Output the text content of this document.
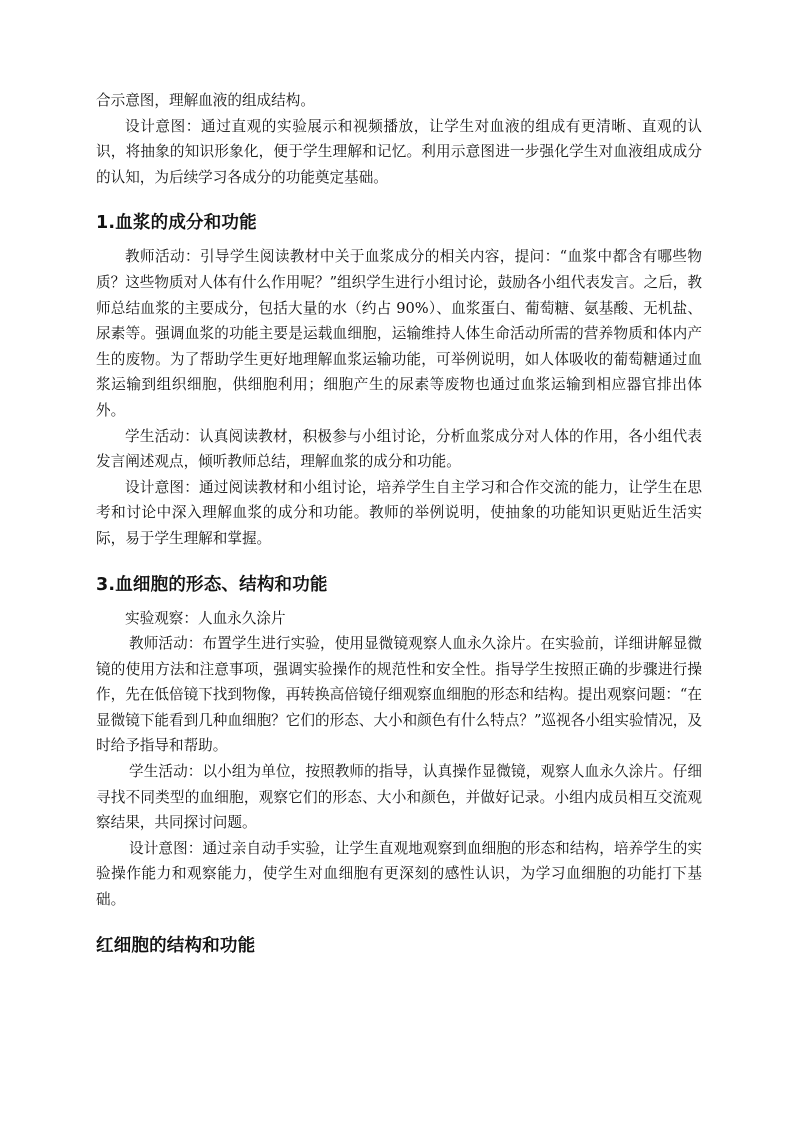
合示意图，理解血液的组成结构。

设计意图：通过直观的实验展示和视频播放，让学生对血液的组成有更清晰、直观的认识，将抽象的知识形象化，便于学生理解和记忆。利用示意图进一步强化学生对血液组成成分的认知，为后续学习各成分的功能奠定基础。

1.血浆的成分和功能

教师活动：引导学生阅读教材中关于血浆成分的相关内容，提问：“血浆中都含有哪些物质？这些物质对人体有什么作用呢？”组织学生进行小组讨论，鼓励各小组代表发言。之后，教师总结血浆的主要成分，包括大量的水（约占 90%）、血浆蛋白、葡萄糖、氨基酸、无机盐、尿素等。强调血浆的功能主要是运载血细胞，运输维持人体生命活动所需的营养物质和体内产生的废物。为了帮助学生更好地理解血浆运输功能，可举例说明，如人体吸收的葡萄糖通过血浆运输到组织细胞，供细胞利用；细胞产生的尿素等废物也通过血浆运输到相应器官排出体外。

学生活动：认真阅读教材，积极参与小组讨论，分析血浆成分对人体的作用，各小组代表发言阐述观点，倾听教师总结，理解血浆的成分和功能。

设计意图：通过阅读教材和小组讨论，培养学生自主学习和合作交流的能力，让学生在思考和讨论中深入理解血浆的成分和功能。教师的举例说明，使抽象的功能知识更贴近生活实际，易于学生理解和掌握。

3.血细胞的形态、结构和功能

实验观察：人血永久涂片

教师活动：布置学生进行实验，使用显微镜观察人血永久涂片。在实验前，详细讲解显微镜的使用方法和注意事项，强调实验操作的规范性和安全性。指导学生按照正确的步骤进行操作，先在低倍镜下找到物像，再转换高倍镜仔细观察血细胞的形态和结构。提出观察问题：“在显微镜下能看到几种血细胞？它们的形态、大小和颜色有什么特点？”巡视各小组实验情况，及时给予指导和帮助。

学生活动：以小组为单位，按照教师的指导，认真操作显微镜，观察人血永久涂片。仔细寻找不同类型的血细胞，观察它们的形态、大小和颜色，并做好记录。小组内成员相互交流观察结果，共同探讨问题。

设计意图：通过亲自动手实验，让学生直观地观察到血细胞的形态和结构，培养学生的实验操作能力和观察能力，使学生对血细胞有更深刻的感性认识，为学习血细胞的功能打下基础。

红细胞的结构和功能
